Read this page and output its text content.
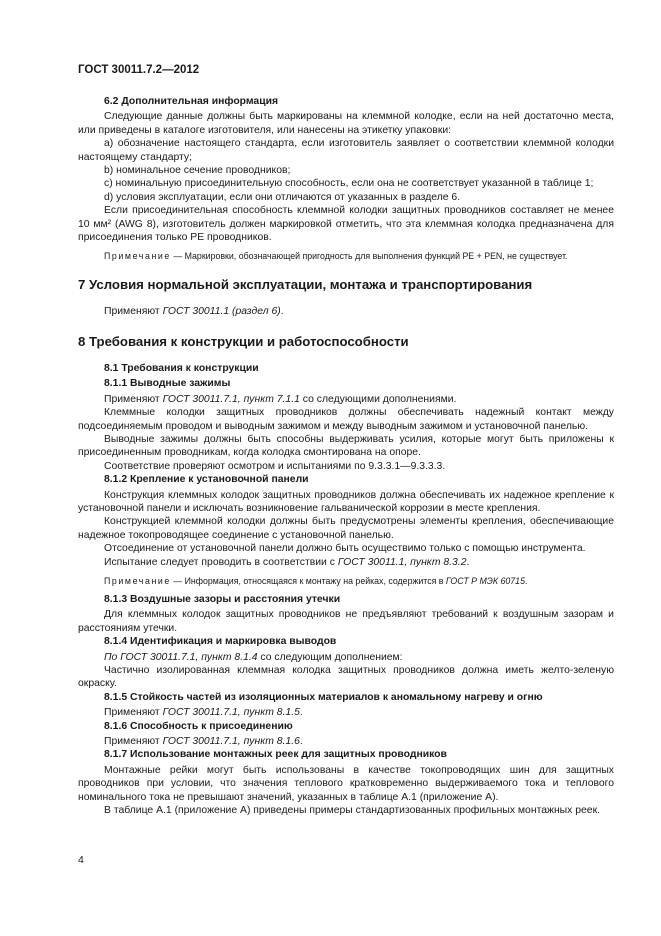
ГОСТ 30011.7.2—2012
6.2 Дополнительная информация

Следующие данные должны быть маркированы на клеммной колодке, если на ней достаточно места, или приведены в каталоге изготовителя, или нанесены на этикетку упаковки:

a) обозначение настоящего стандарта, если изготовитель заявляет о соответствии клеммной колодки настоящему стандарту;

b) номинальное сечение проводников;

c) номинальную присоединительную способность, если она не соответствует указанной в таблице 1;

d) условия эксплуатации, если они отличаются от указанных в разделе 6.

Если присоединительная способность клеммной колодки защитных проводников составляет не менее 10 мм² (AWG 8), изготовитель должен маркировкой отметить, что эта клеммная колодка предназначена для присоединения только PE проводников.

Примечание — Маркировки, обозначающей пригодность для выполнения функций PE + PEN, не существует.

7 Условия нормальной эксплуатации, монтажа и транспортирования

Применяют ГОСТ 30011.1 (раздел 6).

8 Требования к конструкции и работоспособности
8.1 Требования к конструкции
8.1.1 Выводные зажимы

Применяют ГОСТ 30011.7.1, пункт 7.1.1 со следующими дополнениями.

Клеммные колодки защитных проводников должны обеспечивать надежный контакт между подсоединяемым проводом и выводным зажимом и между выводным зажимом и установочной панелью.

Выводные зажимы должны быть способны выдерживать усилия, которые могут быть приложены к присоединенным проводникам, когда колодка смонтирована на опоре.

Соответствие проверяют осмотром и испытаниями по 9.3.3.1—9.3.3.3.

8.1.2 Крепление к установочной панели

Конструкция клеммных колодок защитных проводников должна обеспечивать их надежное крепление к установочной панели и исключать возникновение гальванической коррозии в месте крепления.

Конструкцией клеммной колодки должны быть предусмотрены элементы крепления, обеспечивающие надежное токопроводящее соединение с установочной панелью.

Отсоединение от установочной панели должно быть осуществимо только с помощью инструмента.

Испытание следует проводить в соответствии с ГОСТ 30011.1, пункт 8.3.2.

Примечание — Информация, относящаяся к монтажу на рейках, содержится в ГОСТ Р МЭК 60715.

8.1.3 Воздушные зазоры и расстояния утечки

Для клеммных колодок защитных проводников не предъявляют требований к воздушным зазорам и расстояниям утечки.

8.1.4 Идентификация и маркировка выводов

По ГОСТ 30011.7.1, пункт 8.1.4 со следующим дополнением:

Частично изолированная клеммная колодка защитных проводников должна иметь желто-зеленую окраску.

8.1.5 Стойкость частей из изоляционных материалов к аномальному нагреву и огню

Применяют ГОСТ 30011.7.1, пункт 8.1.5.

8.1.6 Способность к присоединению

Применяют ГОСТ 30011.7.1, пункт 8.1.6.

8.1.7 Использование монтажных реек для защитных проводников

Монтажные рейки могут быть использованы в качестве токопроводящих шин для защитных проводников при условии, что значения теплового кратковременно выдерживаемого тока и теплового номинального тока не превышают значений, указанных в таблице А.1 (приложение А).

В таблице А.1 (приложение А) приведены примеры стандартизованных профильных монтажных реек.

4
